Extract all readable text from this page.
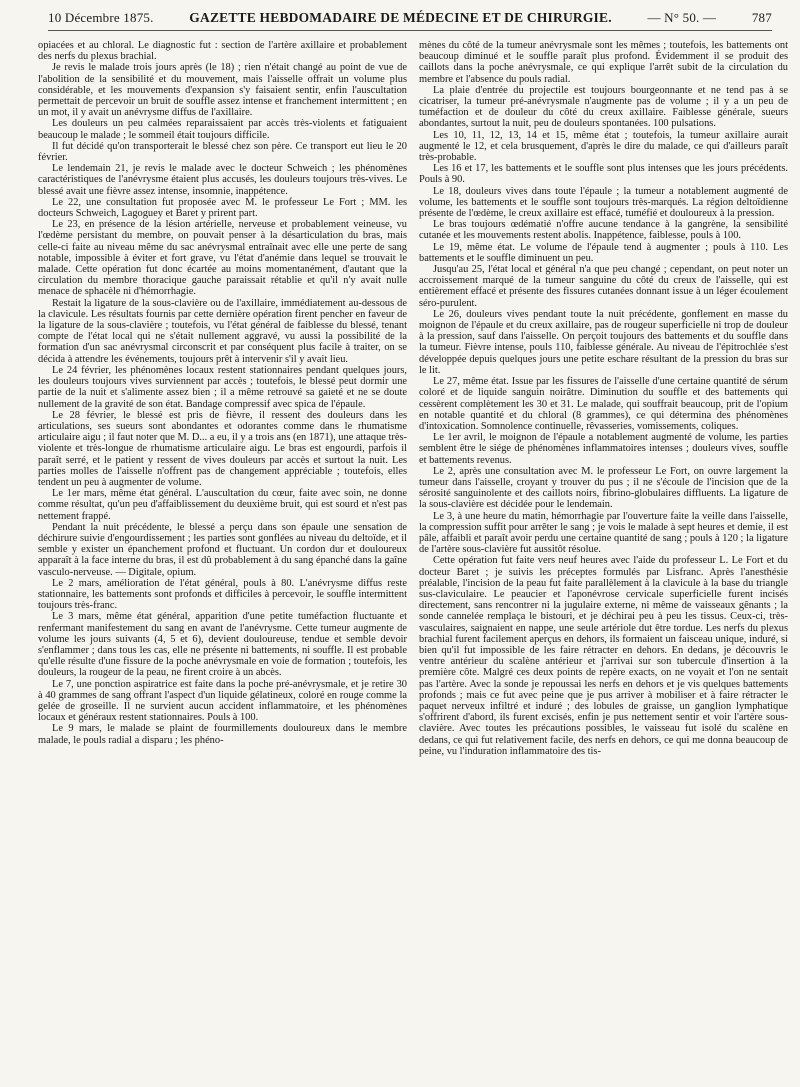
10 Décembre 1875.	GAZETTE HEBDOMADAIRE DE MÉDECINE ET DE CHIRURGIE.	— N° 50. —	787

opiacées et au chloral. Le diagnostic fut : section de l'artère axillaire et probablement des nerfs du plexus brachial.

Je revis le malade trois jours après (le 18) ; rien n'était changé au point de vue de l'abolition de la sensibilité et du mouvement, mais l'aisselle offrait un volume plus considérable, et les mouvements d'expansion s'y faisaient sentir, enfin l'auscultation permettait de percevoir un bruit de souffle assez intense et franchement intermittent ; en un mot, il y avait un anévrysme diffus de l'axillaire.

Les douleurs un peu calmées reparaissaient par accès très-violents et fatiguaient beaucoup le malade ; le sommeil était toujours difficile.

Il fut décidé qu'on transporterait le blessé chez son père. Ce transport eut lieu le 20 février.

Le lendemain 21, je revis le malade avec le docteur Schweich ; les phénomènes caractéristiques de l'anévrysme étaient plus accusés, les douleurs toujours très-vives. Le blessé avait une fièvre assez intense, insomnie, inappétence.

Le 22, une consultation fut proposée avec M. le professeur Le Fort ; MM. les docteurs Schweich, Lagoguey et Baret y prirent part.

Le 23, en présence de la lésion artérielle, nerveuse et probablement veineuse, vu l'œdème persistant du membre, on pouvait penser à la désarticulation du bras, mais celle-ci faite au niveau même du sac anévrysmal entraînait avec elle une perte de sang notable, impossible à éviter et fort grave, vu l'état d'anémie dans lequel se trouvait le malade. Cette opération fut donc écartée au moins momentanément, d'autant que la circulation du membre thoracique gauche paraissait rétablie et qu'il n'y avait nulle menace de sphacèle ni d'hémorrhagie.

Restait la ligature de la sous-clavière ou de l'axillaire, immédiatement au-dessous de la clavicule. Les résultats fournis par cette dernière opération firent pencher en faveur de la ligature de la sous-clavière ; toutefois, vu l'état général de faiblesse du blessé, tenant compte de l'état local qui ne s'était nullement aggravé, vu aussi la possibilité de la formation d'un sac anévrysmal circonscrit et par conséquent plus facile à traiter, on se décida à attendre les événements, toujours prêt à intervenir s'il y avait lieu.

Le 24 février, les phénomènes locaux restent stationnaires pendant quelques jours, les douleurs toujours vives surviennent par accès ; toutefois, le blessé peut dormir une partie de la nuit et s'alimente assez bien ; il a même retrouvé sa gaieté et ne se doute nullement de la gravité de son état. Bandage compressif avec spica de l'épaule.

Le 28 février, le blessé est pris de fièvre, il ressent des douleurs dans les articulations, ses sueurs sont abondantes et odorantes comme dans le rhumatisme articulaire aigu ; il faut noter que M. D... a eu, il y a trois ans (en 1871), une attaque très-violente et très-longue de rhumatisme articulaire aigu. Le bras est engourdi, parfois il paraît serré, et le patient y ressent de vives douleurs par accès et surtout la nuit. Les parties molles de l'aisselle n'offrent pas de changement appréciable ; toutefois, elles tendent un peu à augmenter de volume.

Le 1er mars, même état général. L'auscultation du cœur, faite avec soin, ne donne comme résultat, qu'un peu d'affaiblissement du deuxième bruit, qui est sourd et n'est pas nettement frappé.

Pendant la nuit précédente, le blessé a perçu dans son épaule une sensation de déchirure suivie d'engourdissement ; les parties sont gonflées au niveau du deltoïde, et il semble y exister un épanchement profond et fluctuant. Un cordon dur et douloureux apparaît à la face interne du bras, il est dû probablement à du sang épanché dans la gaîne vasculo-nerveuse. — Digitale, opium.

Le 2 mars, amélioration de l'état général, pouls à 80. L'anévrysme diffus reste stationnaire, les battements sont profonds et difficiles à percevoir, le souffle intermittent toujours très-franc.

Le 3 mars, même état général, apparition d'une petite tuméfaction fluctuante et renfermant manifestement du sang en avant de l'anévrysme. Cette tumeur augmente de volume les jours suivants (4, 5 et 6), devient douloureuse, tendue et semble devoir s'enflammer ; dans tous les cas, elle ne présente ni battements, ni souffle. Il est probable qu'elle résulte d'une fissure de la poche anévrysmale en voie de formation ; toutefois, les douleurs, la rougeur de la peau, ne firent croire à un abcès.

Le 7, une ponction aspiratrice est faite dans la poche pré-anévrysmale, et je retire 30 à 40 grammes de sang offrant l'aspect d'un liquide gélatineux, coloré en rouge comme la gelée de groseille. Il ne survient aucun accident inflammatoire, et les phénomènes locaux et généraux restent stationnaires. Pouls à 100.

Le 9 mars, le malade se plaint de fourmillements douloureux dans le membre malade, le pouls radial a disparu ; les phéno-

mènes du côté de la tumeur anévrysmale sont les mêmes ; toutefois, les battements ont beaucoup diminué et le souffle paraît plus profond. Évidemment il se produit des caillots dans la poche anévrysmale, ce qui explique l'arrêt subit de la circulation du membre et l'absence du pouls radial.

La plaie d'entrée du projectile est toujours bourgeonnante et ne tend pas à se cicatriser, la tumeur pré-anévrysmale n'augmente pas de volume ; il y a un peu de tuméfaction et de douleur du côté du creux axillaire. Faiblesse générale, sueurs abondantes, surtout la nuit, peu de douleurs spontanées. 100 pulsations.

Les 10, 11, 12, 13, 14 et 15, même état ; toutefois, la tumeur axillaire aurait augmenté le 12, et cela brusquement, d'après le dire du malade, ce qui d'ailleurs paraît très-probable.

Les 16 et 17, les battements et le souffle sont plus intenses que les jours précédents. Pouls à 90.

Le 18, douleurs vives dans toute l'épaule ; la tumeur a notablement augmenté de volume, les battements et le souffle sont toujours très-marqués. La région deltoïdienne présente de l'œdème, le creux axillaire est effacé, tuméfié et douloureux à la pression.

Le bras toujours œdématié n'offre aucune tendance à la gangrène, la sensibilité cutanée et les mouvements restent abolis. Inappétence, faiblesse, pouls à 100.

Le 19, même état. Le volume de l'épaule tend à augmenter ; pouls à 110. Les battements et le souffle diminuent un peu.

Jusqu'au 25, l'état local et général n'a que peu changé ; cependant, on peut noter un accroissement marqué de la tumeur sanguine du côté du creux de l'aisselle, qui est entièrement effacé et présente des fissures cutanées donnant issue à un léger écoulement séro-purulent.

Le 26, douleurs vives pendant toute la nuit précédente, gonflement en masse du moignon de l'épaule et du creux axillaire, pas de rougeur superficielle ni trop de douleur à la pression, sauf dans l'aisselle. On perçoit toujours des battements et du souffle dans la tumeur. Fièvre intense, pouls 110, faiblesse générale. Au niveau de l'épitrochlée s'est développée depuis quelques jours une petite eschare résultant de la pression du bras sur le lit.

Le 27, même état. Issue par les fissures de l'aisselle d'une certaine quantité de sérum coloré et de liquide sanguin noirâtre. Diminution du souffle et des battements qui cessèrent complètement les 30 et 31. Le malade, qui souffrait beaucoup, prit de l'opium en notable quantité et du chloral (8 grammes), ce qui détermina des phénomènes d'intoxication. Somnolence continuelle, rêvasseries, vomissements, coliques.

Le 1er avril, le moignon de l'épaule a notablement augmenté de volume, les parties semblent être le siége de phénomènes inflammatoires intenses ; douleurs vives, souffle et battements revenus.

Le 2, après une consultation avec M. le professeur Le Fort, on ouvre largement la tumeur dans l'aisselle, croyant y trouver du pus ; il ne s'écoule de l'incision que de la sérosité sanguinolente et des caillots noirs, fibrino-globulaires diffluents. La ligature de la sous-clavière est décidée pour le lendemain.

Le 3, à une heure du matin, hémorrhagie par l'ouverture faite la veille dans l'aisselle, la compression suffit pour arrêter le sang ; je vois le malade à sept heures et demie, il est pâle, affaibli et paraît avoir perdu une certaine quantité de sang ; pouls à 120 ; la ligature de l'artère sous-clavière fut aussitôt résolue.

Cette opération fut faite vers neuf heures avec l'aide du professeur L. Le Fort et du docteur Baret ; je suivis les préceptes formulés par Lisfranc. Après l'anesthésie préalable, l'incision de la peau fut faite parallèlement à la clavicule à la base du triangle sus-claviculaire. Le peaucier et l'aponévrose cervicale superficielle furent incisés directement, sans rencontrer ni la jugulaire externe, ni même de vaisseaux gênants ; la sonde cannelée remplaça le bistouri, et je déchirai peu à peu les tissus. Ceux-ci, très-vasculaires, saignaient en nappe, une seule artériole dut être tordue. Les nerfs du plexus brachial furent facilement aperçus en dehors, ils formaient un faisceau unique, induré, si bien qu'il fut impossible de les faire rétracter en dehors. En dedans, je découvris le ventre antérieur du scalène antérieur et j'arrivai sur son tubercule d'insertion à la première côte. Malgré ces deux points de repère exacts, on ne voyait et l'on ne sentait pas l'artère. Avec la sonde je repoussai les nerfs en dehors et je vis quelques battements profonds ; mais ce fut avec peine que je pus arriver à mobiliser et à faire rétracter le paquet nerveux infiltré et induré ; des lobules de graisse, un ganglion lymphatique s'offrirent d'abord, ils furent excisés, enfin je pus nettement sentir et voir l'artère sous-clavière. Avec toutes les précautions possibles, le vaisseau fut isolé du scalène en dedans, ce qui fut relativement facile, des nerfs en dehors, ce qui me donna beaucoup de peine, vu l'induration inflammatoire des tis-
